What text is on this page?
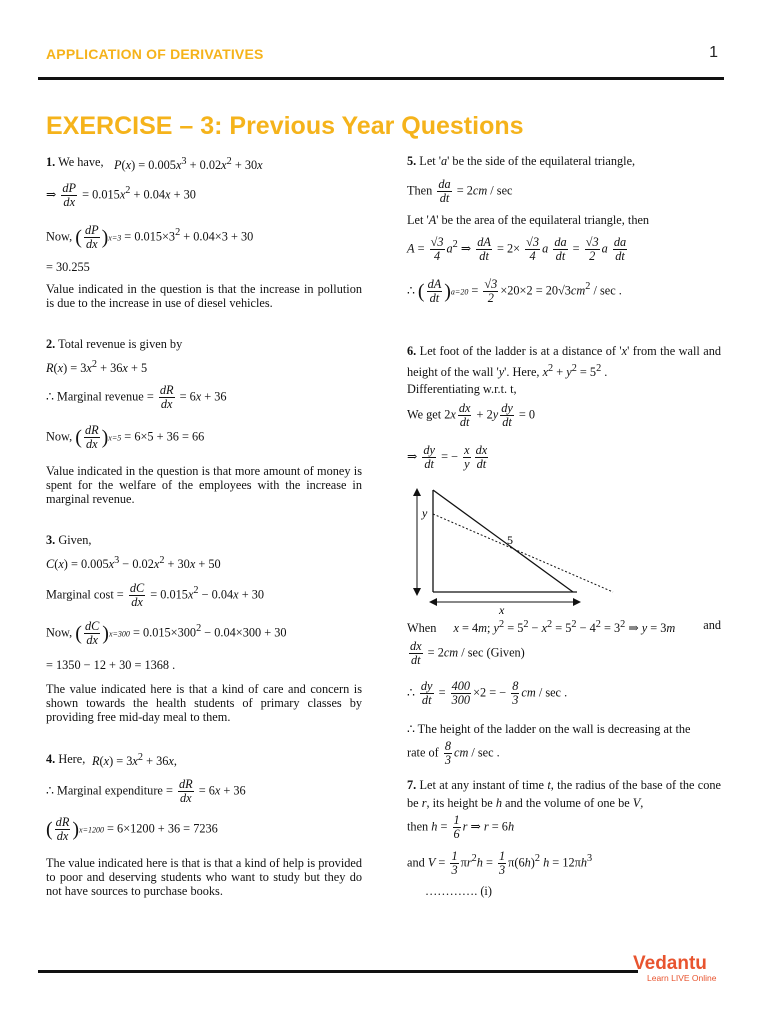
APPLICATION OF DERIVATIVES	1
EXERCISE – 3: Previous Year Questions

1. We have, $P(x) = 0.005x^3 + 0.02x^2 + 30x$
⇒ $\frac{dP}{dx} = 0.015x^2 + 0.04x + 30$
Now, ( $\frac{dP}{dx} )x=3 = 0.015\times 3^2 + 0.04\times 3 + 30$
= 30.255

Value indicated in the question is that the increase in pollution is due to the increase in use of diesel vehicles.

2. Total revenue is given by

$R(x) = 3x^2 + 36x + 5$
∴ Marginal revenue = $\frac{dR}{dx} = 6x + 36$
Now, ( $\frac{dR}{dx} )x=5 = 6\times 5 + 36 = 66$

Value indicated in the question is that more amount of money is spent for the welfare of the employees with the increase in marginal revenue.

3. Given,

$C(x) = 0.005x^3 - 0.02x^2 + 30x + 50$
Marginal $\cos t = \frac{dC}{dx} = 0.015x^2 - 0.04x + 30$
Now, ( $\frac{dC}{dx} )x=300 = 0.015\times 300^2 - 0.04\times 300 + 30$
= 1350 − 12 + 30 = 1368 .

The value indicated here is that a kind of care and concern is shown towards the health students of primary classes by providing free mid-day meal to them.

4. Here, $R(x) = 3x^2 + 36x$,
∴ Marginal expenditure = $\frac{dR}{dx} = 6x + 36$
( $\frac{dR}{dx} )x=1200 = 6\times 1200 + 36 = 7236$

The value indicated here is that is that a kind of help is provided to poor and deserving students who want to study but they do not have sources to purchase books.

5. Let 'a' be the side of the equilateral triangle,

Then $\frac{da}{dt} = 2cm / \sec$

Let 'A' be the area of the equilateral triangle, then

$A = \frac{√3}{4} a^2$ ⇒ $\frac{dA}{dt} = 2\times \frac{√3}{4}$ a $\frac{da}{dt} = \frac{√3}{2}$ a $\frac{da}{dt}$
∴ ( $\frac{dA}{dt} )a=20 = \frac{√3}{2} \times 20\times 2 = 20√3cm^2 / \sec$ .

6. Let foot of the ladder is at a distance of 'x' from the wall and height of the wall 'y'. Here, $x^2 + y^2 = 5^2$ .

Differentiating w.r.t. t,

We get $2x \frac{dx}{dt} + 2y \frac{dy}{dt} = 0$
⇒ $\frac{dy}{dt}$ = − $\frac{x}{y} \frac{dx}{dt}$
y
5
x
When x = 4m; $y^2 = 5^2 - x^2 = 5^2 - 4^2 = 3^2$ ⇒ y = 3m and
$\frac{dx}{dt} = 2cm / \sec$ (Given)
∴ $\frac{dy}{dt} = \frac{400}{300} \times 2$ = − $\frac{8}{3}$ cm / sec .

∴ The height of the ladder on the wall is decreasing at the

rate of $\frac{8}{3}$ cm / sec .

7. Let at any instant of time t, the radius of the base of the cone be r, its height be h and the volume of one be V,

then $h = \frac{1}{6}$ r ⇒ r = 6h
and $V = \frac{1}{3} \pi r^2h = \frac{1}{3} \pi(6h)^2$ $h = 12\pi h^3$
…………. (i)
Vedantu
Learn LIVE Online
